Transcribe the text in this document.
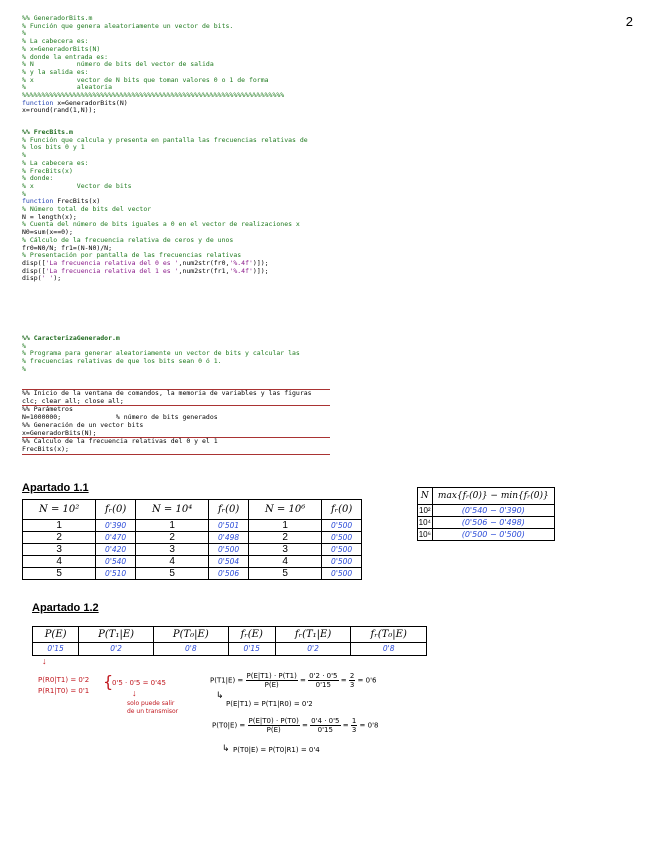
2
%% GeneradorBits.m
% Función que genera aleatoriamente un vector de bits.
%
% La cabecera es:
% x=GeneradorBits(N)
% donde la entrada es:
% N           número de bits del vector de salida
% y la salida es:
% x           vector de N bits que toman valores 0 o 1 de forma
%             aleatoria
%%%%%%%%%%%%%%%%%%%%%%%%%%%%%%%%%%%%%%%%%%%%%%%%%%%%%%%%%%%%%%%%%%%
function x=GeneradorBits(N)
x=round(rand(1,N));
%% FrecBits.m
% Función que calcula y presenta en pantalla las frecuencias relativas de
% los bits 0 y 1
%
% La cabecera es:
% FrecBits(x)
% donde:
% x           Vector de bits
%
function FrecBits(x)
% Número total de bits del vector
N = length(x);
% Cuenta del número de bits iguales a 0 en el vector de realizaciones x
N0=sum(x==0);
% Cálculo de la frecuencia relativa de ceros y de unos
fr0=N0/N; fr1=(N-N0)/N;
% Presentación por pantalla de las frecuencias relativas
disp(['La frecuencia relativa del 0 es ',num2str(fr0,'%.4f')]);
disp(['La frecuencia relativa del 1 es ',num2str(fr1,'%.4f')]);
disp(' ');
%% CaracterizaGenerador.m
%
% Programa para generar aleatoriamente un vector de bits y calcular las
% frecuencias relativas de que los bits sean 0 ó 1.
%
%% Inicio de la ventana de comandos, la memoria de variables y las figuras
clc; clear all; close all;
%% Parámetros
N=1000000;              % número de bits generados
%% Generación de un vector bits
x=GeneradorBits(N);
%% Calculo de la frecuencia relativas del 0 y el 1
FrecBits(x);
Apartado 1.1
N = 10²	fᵣ(0)	N = 10⁴	fᵣ(0)	N = 10⁶	fᵣ(0)
1	0'390	1	0'501	1	0'500
2	0'470	2	0'498	2	0'500
3	0'420	3	0'500	3	0'500
4	0'540	4	0'504	4	0'500
5	0'510	5	0'506	5	0'500
N	max{fᵣ(0)} − min{fᵣ(0)}
10²	(0'540 − 0'390)
10⁴	(0'506 − 0'498)
10⁶	(0'500 − 0'500)
Apartado 1.2
P(E)	P(T₁|E)	P(T₀|E)	fᵣ(E)	fᵣ(T₁|E)	fᵣ(T₀|E)
0'15	0'2	0'8	0'15	0'2	0'8
↓
P(R0|T1) = 0'2
P(R1|T0) = 0'1 {
0'5 · 0'5 = 0'45
↓
solo puede salir
de un transmisor
$P(T1|E) = \frac{P(E|T1) \cdot P(T1)}{P(E)} = \frac{0'2 \cdot 0'5}{0'15} = \frac{2}{3} = 0'6$
↳
P(E|T1) = P(T1|R0) = 0'2
$P(T0|E) = \frac{P(E|T0) \cdot P(T0)}{P(E)} = \frac{0'4 \cdot 0'5}{0'15} = \frac{1}{3} = 0'8$
↳ P(T0|E) = P(T0|R1) = 0'4
